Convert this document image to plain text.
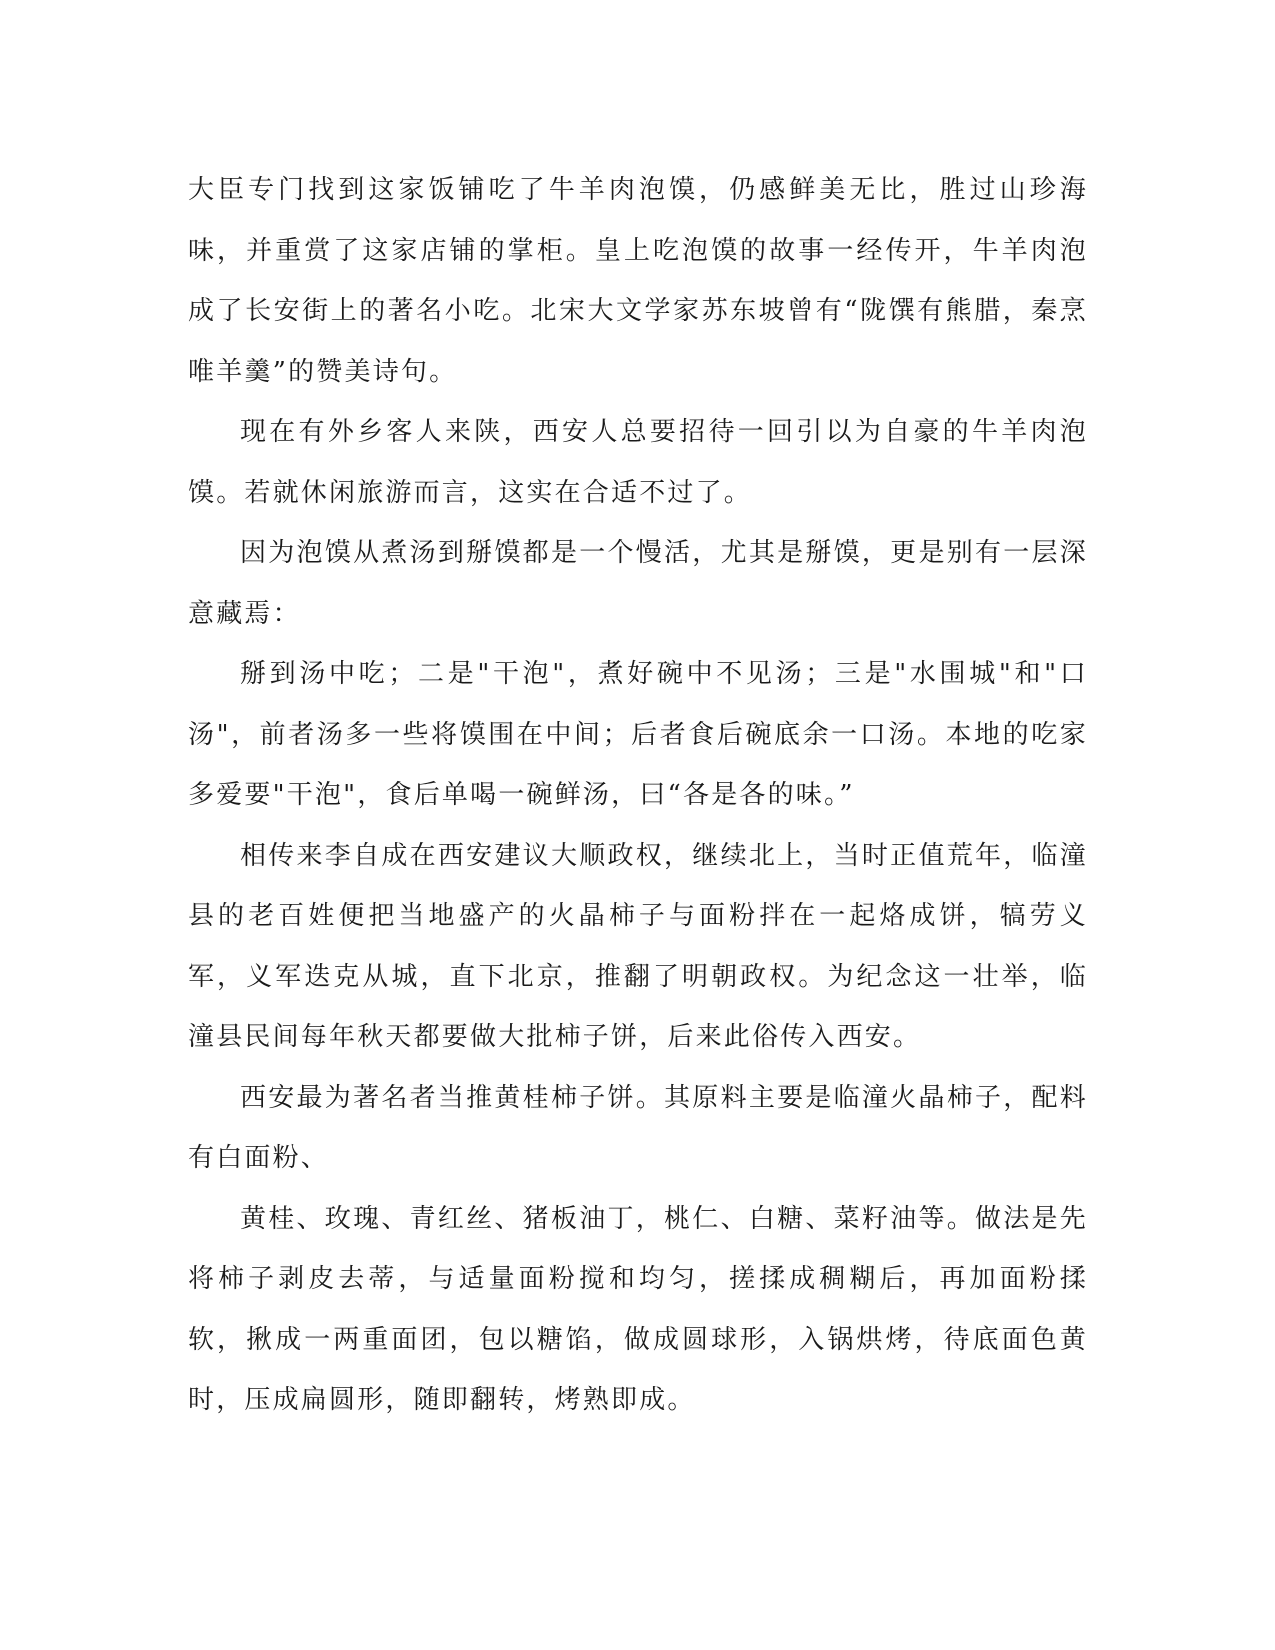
大臣专门找到这家饭铺吃了牛羊肉泡馍，仍感鲜美无比，胜过山珍海味，并重赏了这家店铺的掌柜。皇上吃泡馍的故事一经传开，牛羊肉泡成了长安街上的著名小吃。北宋大文学家苏东坡曾有“陇馔有熊腊，秦烹唯羊羹”的赞美诗句。

现在有外乡客人来陕，西安人总要招待一回引以为自豪的牛羊肉泡馍。若就休闲旅游而言，这实在合适不过了。

因为泡馍从煮汤到掰馍都是一个慢活，尤其是掰馍，更是别有一层深意藏焉：

掰到汤中吃；二是"干泡"，煮好碗中不见汤；三是"水围城"和"口汤"，前者汤多一些将馍围在中间；后者食后碗底余一口汤。本地的吃家多爱要"干泡"，食后单喝一碗鲜汤，曰“各是各的味。”

相传来李自成在西安建议大顺政权，继续北上，当时正值荒年，临潼县的老百姓便把当地盛产的火晶柿子与面粉拌在一起烙成饼，犒劳义军，义军迭克从城，直下北京，推翻了明朝政权。为纪念这一壮举，临潼县民间每年秋天都要做大批柿子饼，后来此俗传入西安。

西安最为著名者当推黄桂柿子饼。其原料主要是临潼火晶柿子，配料有白面粉、

黄桂、玫瑰、青红丝、猪板油丁，桃仁、白糖、菜籽油等。做法是先将柿子剥皮去蒂，与适量面粉搅和均匀，搓揉成稠糊后，再加面粉揉软，揪成一两重面团，包以糖馅，做成圆球形，入锅烘烤，待底面色黄时，压成扁圆形，随即翻转，烤熟即成。
